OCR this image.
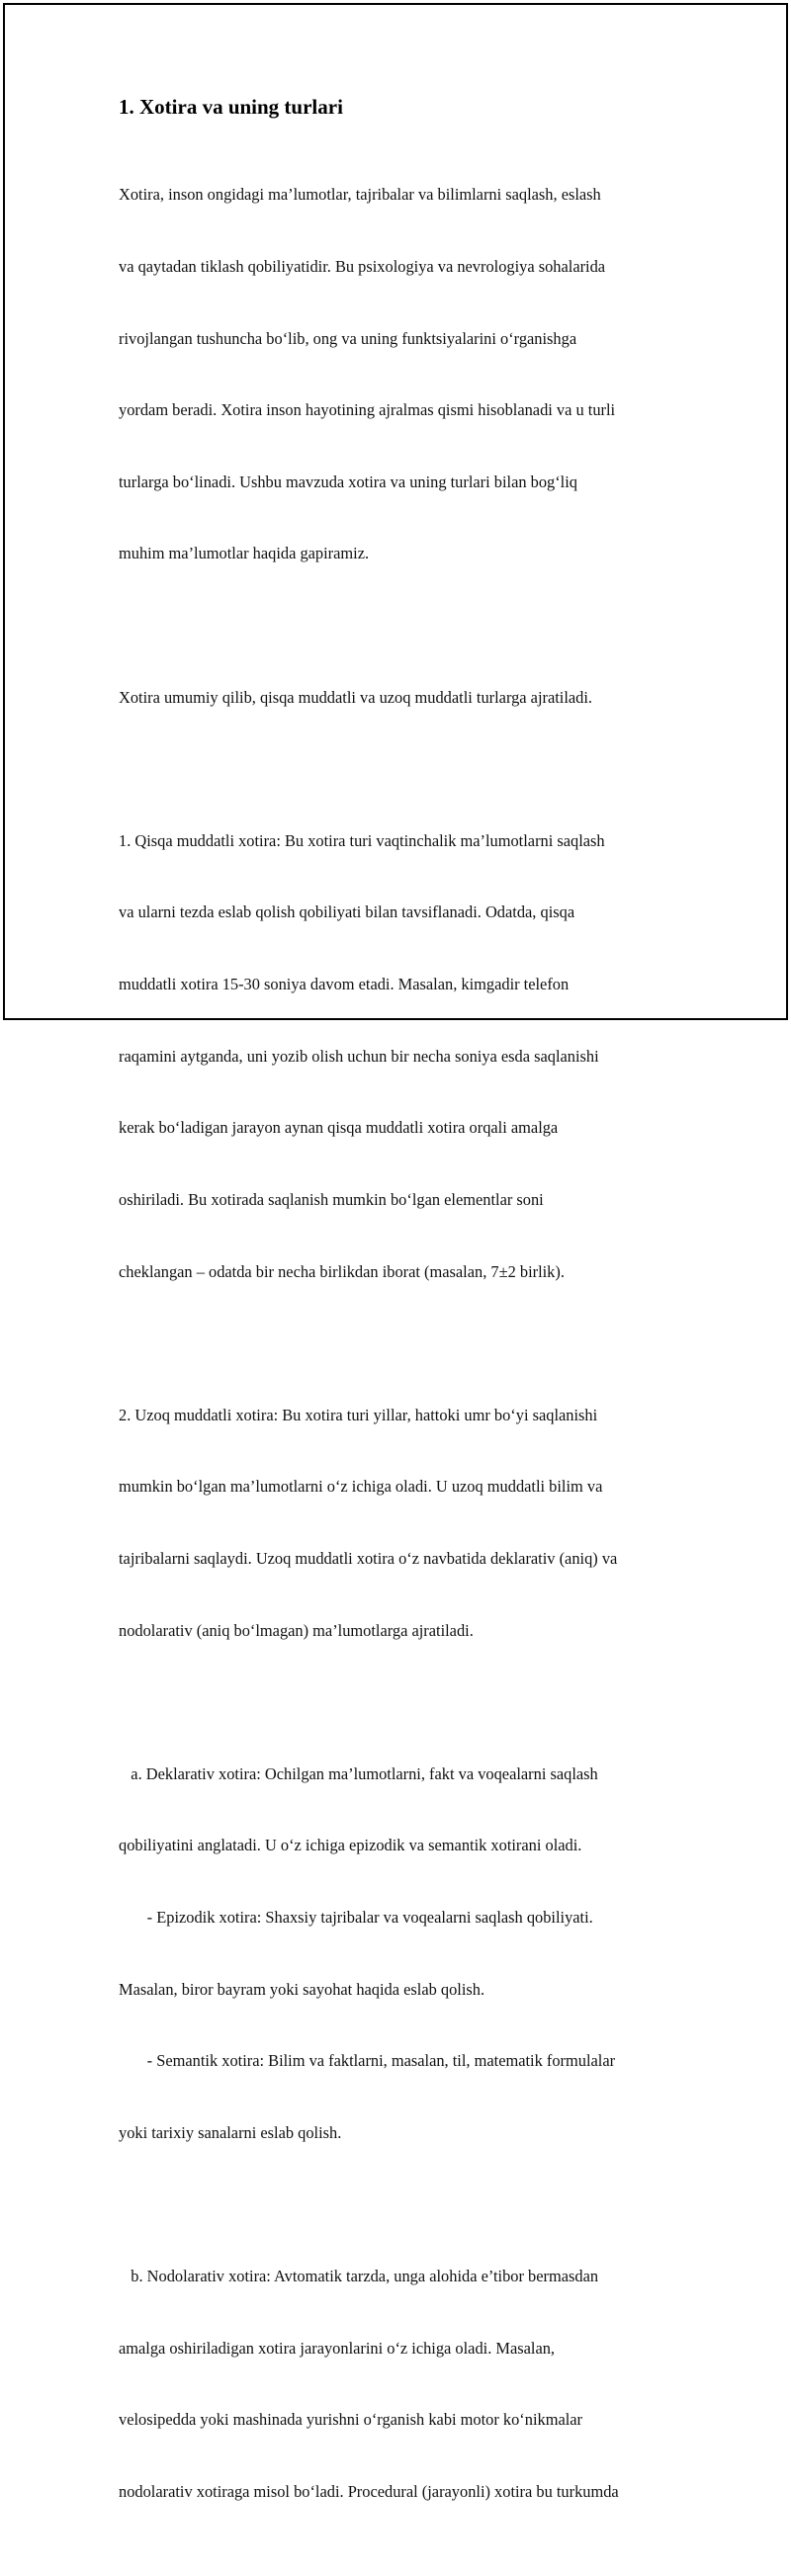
1. Xotira va uning turlari

Xotira, inson ongidagi ma’lumotlar, tajribalar va bilimlarni saqlash, eslash

va qaytadan tiklash qobiliyatidir. Bu psixologiya va nevrologiya sohalarida

rivojlangan tushuncha bo‘lib, ong va uning funktsiyalarini o‘rganishga

yordam beradi. Xotira inson hayotining ajralmas qismi hisoblanadi va u turli

turlarga bo‘linadi. Ushbu mavzuda xotira va uning turlari bilan bog‘liq

muhim ma’lumotlar haqida gapiramiz.

Xotira umumiy qilib, qisqa muddatli va uzoq muddatli turlarga ajratiladi.

1. Qisqa muddatli xotira: Bu xotira turi vaqtinchalik ma’lumotlarni saqlash

va ularni tezda eslab qolish qobiliyati bilan tavsiflanadi. Odatda, qisqa

muddatli xotira 15-30 soniya davom etadi. Masalan, kimgadir telefon

raqamini aytganda, uni yozib olish uchun bir necha soniya esda saqlanishi

kerak bo‘ladigan jarayon aynan qisqa muddatli xotira orqali amalga

oshiriladi. Bu xotirada saqlanish mumkin bo‘lgan elementlar soni

cheklangan – odatda bir necha birlikdan iborat (masalan, 7±2 birlik).

2. Uzoq muddatli xotira: Bu xotira turi yillar, hattoki umr bo‘yi saqlanishi

mumkin bo‘lgan ma’lumotlarni o‘z ichiga oladi. U uzoq muddatli bilim va

tajribalarni saqlaydi. Uzoq muddatli xotira o‘z navbatida deklarativ (aniq) va

nodolarativ (aniq bo‘lmagan) ma’lumotlarga ajratiladi.

a. Deklarativ xotira: Ochilgan ma’lumotlarni, fakt va voqealarni saqlash

qobiliyatini anglatadi. U o‘z ichiga epizodik va semantik xotirani oladi.

- Epizodik xotira: Shaxsiy tajribalar va voqealarni saqlash qobiliyati.

Masalan, biror bayram yoki sayohat haqida eslab qolish.

- Semantik xotira: Bilim va faktlarni, masalan, til, matematik formulalar

yoki tarixiy sanalarni eslab qolish.

b. Nodolarativ xotira: Avtomatik tarzda, unga alohida e’tibor bermasdan

amalga oshiriladigan xotira jarayonlarini o‘z ichiga oladi. Masalan,

velosipedda yoki mashinada yurishni o‘rganish kabi motor ko‘nikmalar

nodolarativ xotiraga misol bo‘ladi. Procedural (jarayonli) xotira bu turkumda
